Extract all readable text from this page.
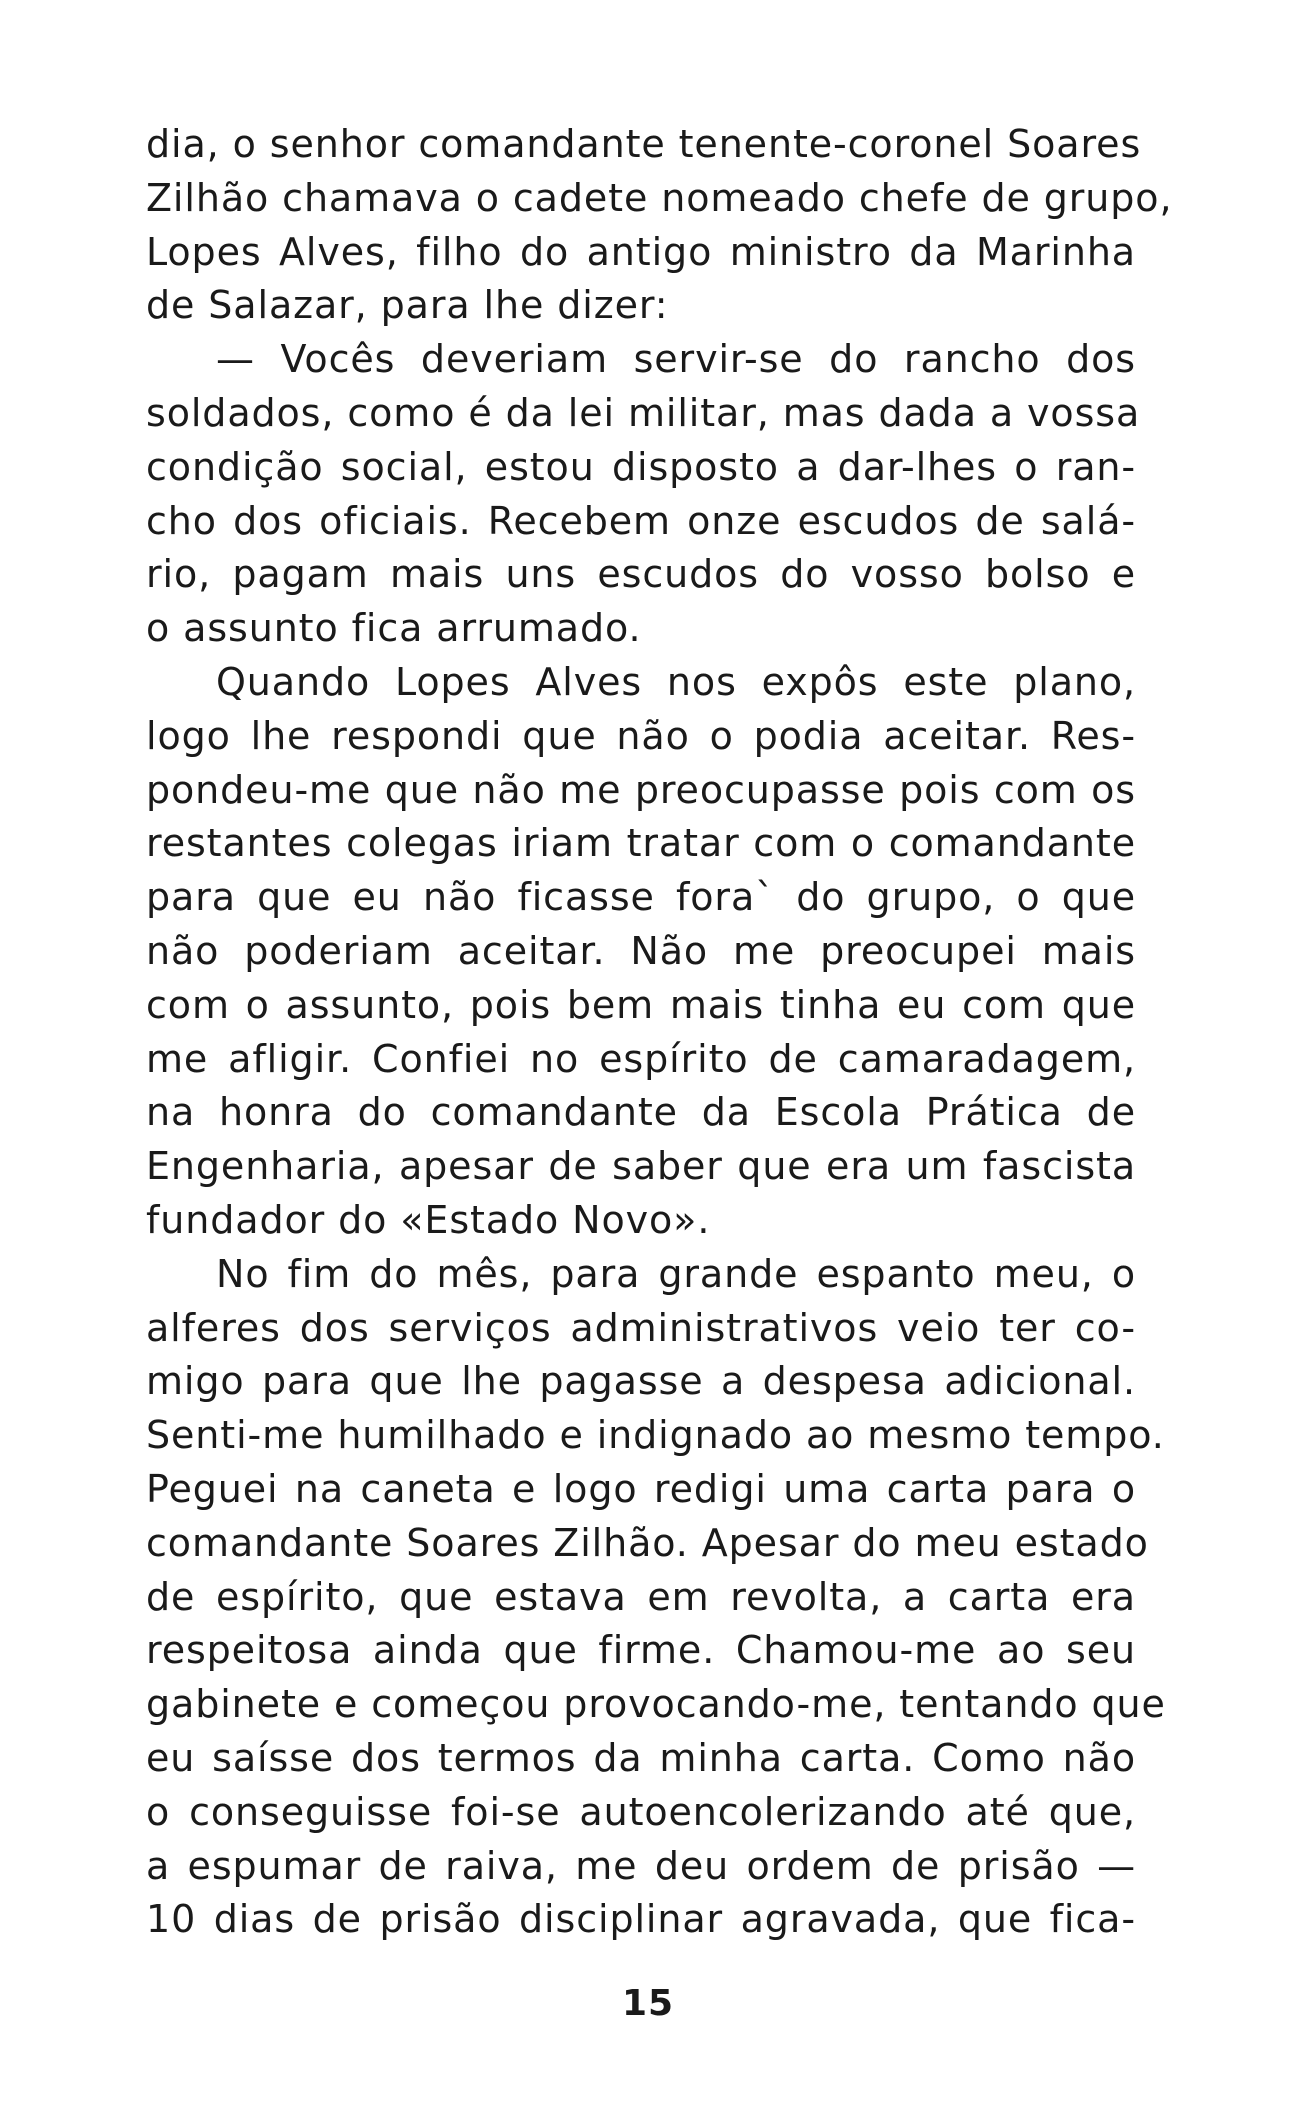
dia, o senhor comandante tenente-coronel Soares
Zilhão chamava o cadete nomeado chefe de grupo,
Lopes Alves, filho do antigo ministro da Marinha
de Salazar, para lhe dizer:
— Vocês deveriam servir-se do rancho dos
soldados, como é da lei militar, mas dada a vossa
condição social, estou disposto a dar-lhes o ran-
cho dos oficiais. Recebem onze escudos de salá-
rio, pagam mais uns escudos do vosso bolso e
o assunto fica arrumado.
Quando Lopes Alves nos expôs este plano,
logo lhe respondi que não o podia aceitar. Res-
pondeu-me que não me preocupasse pois com os
restantes colegas iriam tratar com o comandante
para que eu não ficasse fora` do grupo, o que
não poderiam aceitar. Não me preocupei mais
com o assunto, pois bem mais tinha eu com que
me afligir. Confiei no espírito de camaradagem,
na honra do comandante da Escola Prática de
Engenharia, apesar de saber que era um fascista
fundador do «Estado Novo».
No fim do mês, para grande espanto meu, o
alferes dos serviços administrativos veio ter co-
migo para que lhe pagasse a despesa adicional.
Senti-me humilhado e indignado ao mesmo tempo.
Peguei na caneta e logo redigi uma carta para o
comandante Soares Zilhão. Apesar do meu estado
de espírito, que estava em revolta, a carta era
respeitosa ainda que firme. Chamou-me ao seu
gabinete e começou provocando-me, tentando que
eu saísse dos termos da minha carta. Como não
o conseguisse foi-se autoencolerizando até que,
a espumar de raiva, me deu ordem de prisão —
10 dias de prisão disciplinar agravada, que fica-
15
